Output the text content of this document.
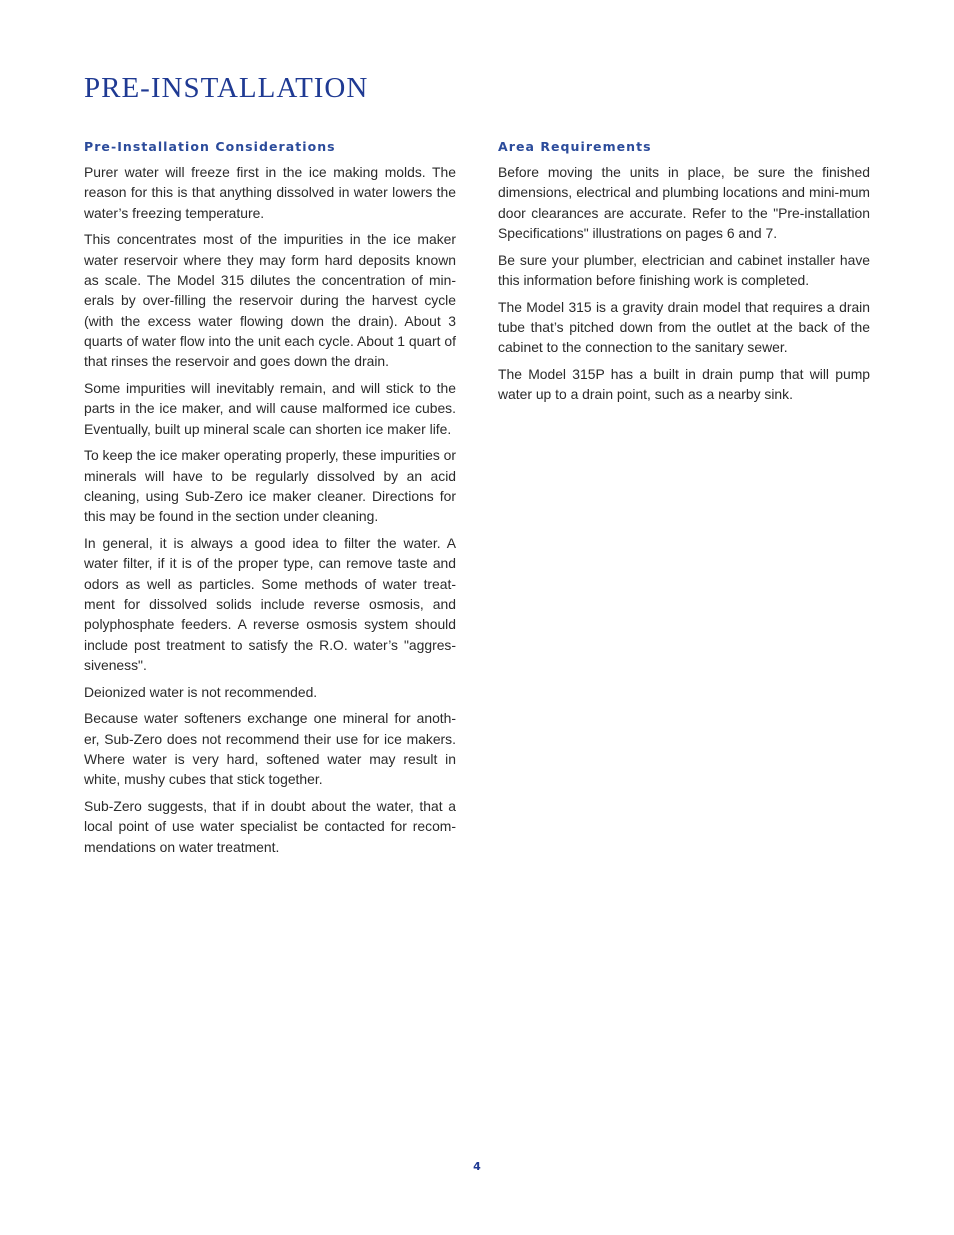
PRE-INSTALLATION
Pre-Installation Considerations

Purer water will freeze first in the ice making molds. The reason for this is that anything dissolved in water lowers the water’s freezing temperature.

This concentrates most of the impurities in the ice maker water reservoir where they may form hard deposits known as scale. The Model 315 dilutes the concentration of min-erals by over-filling the reservoir during the harvest cycle (with the excess water flowing down the drain). About 3 quarts of water flow into the unit each cycle. About 1 quart of that rinses the reservoir and goes down the drain.

Some impurities will inevitably remain, and will stick to the parts in the ice maker, and will cause malformed ice cubes. Eventually, built up mineral scale can shorten ice maker life.

To keep the ice maker operating properly, these impurities or minerals will have to be regularly dissolved by an acid cleaning, using Sub-Zero ice maker cleaner. Directions for this may be found in the section under cleaning.

In general, it is always a good idea to filter the water. A water filter, if it is of the proper type, can remove taste and odors as well as particles. Some methods of water treat-ment for dissolved solids include reverse osmosis, and polyphosphate feeders. A reverse osmosis system should include post treatment to satisfy the R.O. water’s "aggres-siveness".

Deionized water is not recommended.

Because water softeners exchange one mineral for anoth-er, Sub-Zero does not recommend their use for ice makers. Where water is very hard, softened water may result in white, mushy cubes that stick together.

Sub-Zero suggests, that if in doubt about the water, that a local point of use water specialist be contacted for recom-mendations on water treatment.

Area Requirements

Before moving the units in place, be sure the finished dimensions, electrical and plumbing locations and mini-mum door clearances are accurate. Refer to the "Pre-installation Specifications" illustrations on pages 6 and 7.

Be sure your plumber, electrician and cabinet installer have this information before finishing work is completed.

The Model 315 is a gravity drain model that requires a drain tube that’s pitched down from the outlet at the back of the cabinet to the connection to the sanitary sewer.

The Model 315P has a built in drain pump that will pump water up to a drain point, such as a nearby sink.

4
